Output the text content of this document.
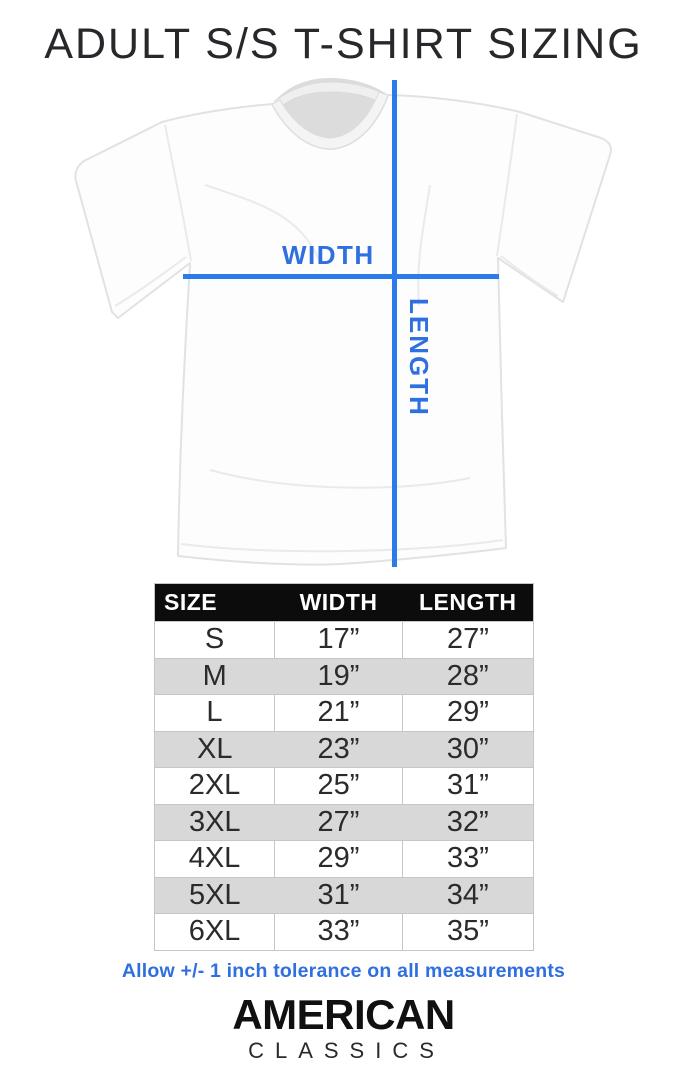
ADULT S/S T-SHIRT SIZING
WIDTH
LENGTH
SIZE	WIDTH	LENGTH
S	17”	27”
M	19”	28”
L	21”	29”
XL	23”	30”
2XL	25”	31”
3XL	27”	32”
4XL	29”	33”
5XL	31”	34”
6XL	33”	35”
Allow +/- 1 inch tolerance on all measurements
AMERICAN
CLASSICS
